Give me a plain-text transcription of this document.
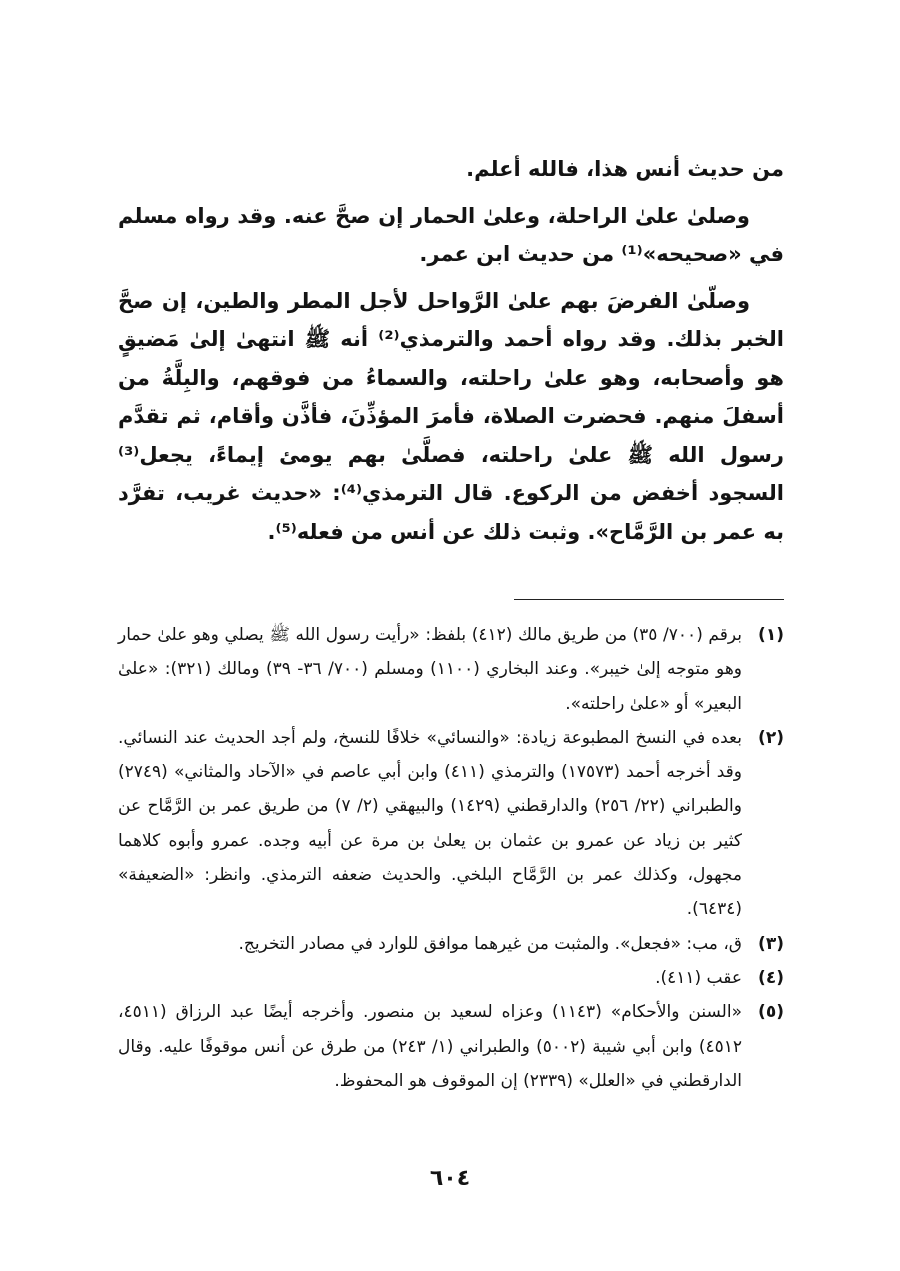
من حديث أنس هذا، فالله أعلم.

وصلىٰ علىٰ الراحلة، وعلىٰ الحمار إن صحَّ عنه. وقد رواه مسلم في «صحيحه»⁽¹⁾ من حديث ابن عمر.

وصلّىٰ الفرضَ بهم علىٰ الرَّواحل لأجل المطر والطين، إن صحَّ الخبر بذلك. وقد رواه أحمد والترمذي⁽²⁾ أنه ﷺ انتهىٰ إلىٰ مَضيقٍ هو وأصحابه، وهو علىٰ راحلته، والسماءُ من فوقهم، والبِلَّةُ من أسفلَ منهم. فحضرت الصلاة، فأمرَ المؤذِّنَ، فأذَّن وأقام، ثم تقدَّم رسول الله ﷺ علىٰ راحلته، فصلَّىٰ بهم يومئ إيماءً، يجعل⁽³⁾ السجود أخفض من الركوع. قال الترمذي⁽⁴⁾: «حديث غريب، تفرَّد به عمر بن الرَّمَّاح». وثبت ذلك عن أنس من فعله⁽⁵⁾.

(١)

برقم (٧٠٠/ ٣٥) من طريق مالك (٤١٢) بلفظ: «رأيت رسول الله ﷺ يصلي وهو علىٰ حمار وهو متوجه إلىٰ خيبر». وعند البخاري (١١٠٠) ومسلم (٧٠٠/ ٣٦- ٣٩) ومالك (٣٢١): «علىٰ البعير» أو «علىٰ راحلته».

(٢)

بعده في النسخ المطبوعة زيادة: «والنسائي» خلافًا للنسخ، ولم أجد الحديث عند النسائي. وقد أخرجه أحمد (١٧٥٧٣) والترمذي (٤١١) وابن أبي عاصم في «الآحاد والمثاني» (٢٧٤٩) والطبراني (٢٢/ ٢٥٦) والدارقطني (١٤٢٩) والبيهقي (٢/ ٧) من طريق عمر بن الرَّمَّاح عن كثير بن زياد عن عمرو بن عثمان بن يعلىٰ بن مرة عن أبيه وجده. عمرو وأبوه كلاهما مجهول، وكذلك عمر بن الرَّمَّاح البلخي. والحديث ضعفه الترمذي. وانظر: «الضعيفة» (٦٤٣٤).

(٣)

ق، مب: «فجعل». والمثبت من غيرهما موافق للوارد في مصادر التخريج.

(٤)

عقب (٤١١).

(٥)

«السنن والأحكام» (١١٤٣) وعزاه لسعيد بن منصور. وأخرجه أيضًا عبد الرزاق (٤٥١١، ٤٥١٢) وابن أبي شيبة (٥٠٠٢) والطبراني (١/ ٢٤٣) من طرق عن أنس موقوفًا عليه. وقال الدارقطني في «العلل» (٢٣٣٩) إن الموقوف هو المحفوظ.

٦٠٤
